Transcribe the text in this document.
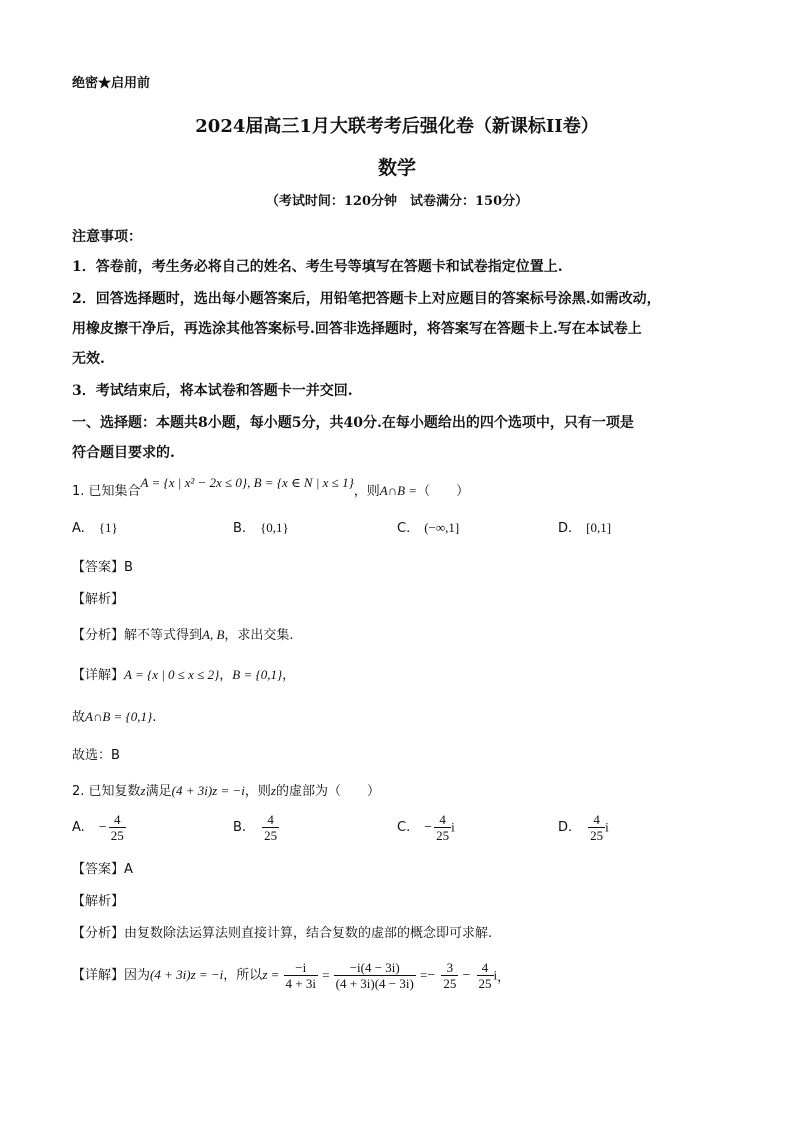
绝密★启用前
2024届高三1月大联考考后强化卷（新课标II卷）
数学
（考试时间：120分钟　试卷满分：150分）
注意事项：
1．答卷前，考生务必将自己的姓名、考生号等填写在答题卡和试卷指定位置上.
2．回答选择题时，选出每小题答案后，用铅笔把答题卡上对应题目的答案标号涂黑.如需改动，
用橡皮擦干净后，再选涂其他答案标号.回答非选择题时，将答案写在答题卡上.写在本试卷上
无效.
3．考试结束后，将本试卷和答题卡一并交回.
一、选择题：本题共8小题，每小题5分，共40分.在每小题给出的四个选项中，只有一项是
符合题目要求的.
1. 已知集合A = {x | x² − 2x ≤ 0}, B = {x ∈ N | x ≤ 1}，则A∩B =（　　）
A. {1}	B. {0,1}	C. (−∞,1]	D. [0,1]
【答案】B
【解析】
【分析】解不等式得到A, B，求出交集.
【详解】A = {x | 0 ≤ x ≤ 2}，B = {0,1}，
故A∩B = {0,1}.
故选：B
2. 已知复数z满足(4 + 3i)z = −i，则z的虚部为（　　）
A. − $\frac{4}{25}$	B. $\frac{4}{25}$	C. − $\frac{4}{25}$ i	D. $\frac{4}{25}$ i
【答案】A
【解析】
【分析】由复数除法运算法则直接计算，结合复数的虚部的概念即可求解.
【详解】因为(4 + 3i)z = −i，所以$z = \frac{-i}{4 + 3i} = \frac{-i(4 - 3i)}{(4 + 3i)(4 - 3i)} =- \frac{3}{25} - \frac{4}{25}$ i，
